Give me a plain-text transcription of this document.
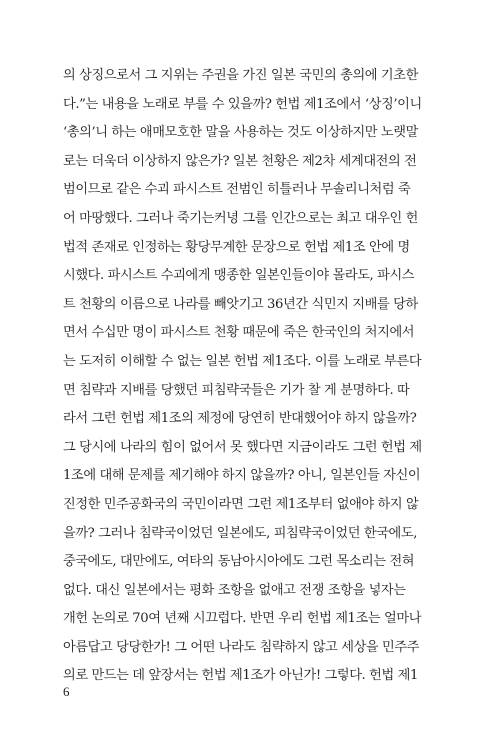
의 상징으로서 그 지위는 주권을 가진 일본 국민의 총의에 기초한
다.”는 내용을 노래로 부를 수 있을까? 헌법 제1조에서 ‘상징’이니
‘총의’니 하는 애매모호한 말을 사용하는 것도 이상하지만 노랫말
로는 더욱더 이상하지 않은가? 일본 천황은 제2차 세계대전의 전
범이므로 같은 수괴 파시스트 전범인 히틀러나 무솔리니처럼 죽
어 마땅했다. 그러나 죽기는커녕 그를 인간으로는 최고 대우인 헌
법적 존재로 인정하는 황당무계한 문장으로 헌법 제1조 안에 명
시했다. 파시스트 수괴에게 맹종한 일본인들이야 몰라도, 파시스
트 천황의 이름으로 나라를 빼앗기고 36년간 식민지 지배를 당하
면서 수십만 명이 파시스트 천황 때문에 죽은 한국인의 처지에서
는 도저히 이해할 수 없는 일본 헌법 제1조다. 이를 노래로 부른다
면 침략과 지배를 당했던 피침략국들은 기가 찰 게 분명하다. 따
라서 그런 헌법 제1조의 제정에 당연히 반대했어야 하지 않을까?
그 당시에 나라의 힘이 없어서 못 했다면 지금이라도 그런 헌법 제
1조에 대해 문제를 제기해야 하지 않을까? 아니, 일본인들 자신이
진정한 민주공화국의 국민이라면 그런 제1조부터 없애야 하지 않
을까? 그러나 침략국이었던 일본에도, 피침략국이었던 한국에도,
중국에도, 대만에도, 여타의 동남아시아에도 그런 목소리는 전혀
없다. 대신 일본에서는 평화 조항을 없애고 전쟁 조항을 넣자는
개헌 논의로 70여 년째 시끄럽다. 반면 우리 헌법 제1조는 얼마나
아름답고 당당한가! 그 어떤 나라도 침략하지 않고 세상을 민주주
의로 만드는 데 앞장서는 헌법 제1조가 아닌가! 그렇다. 헌법 제1
6
